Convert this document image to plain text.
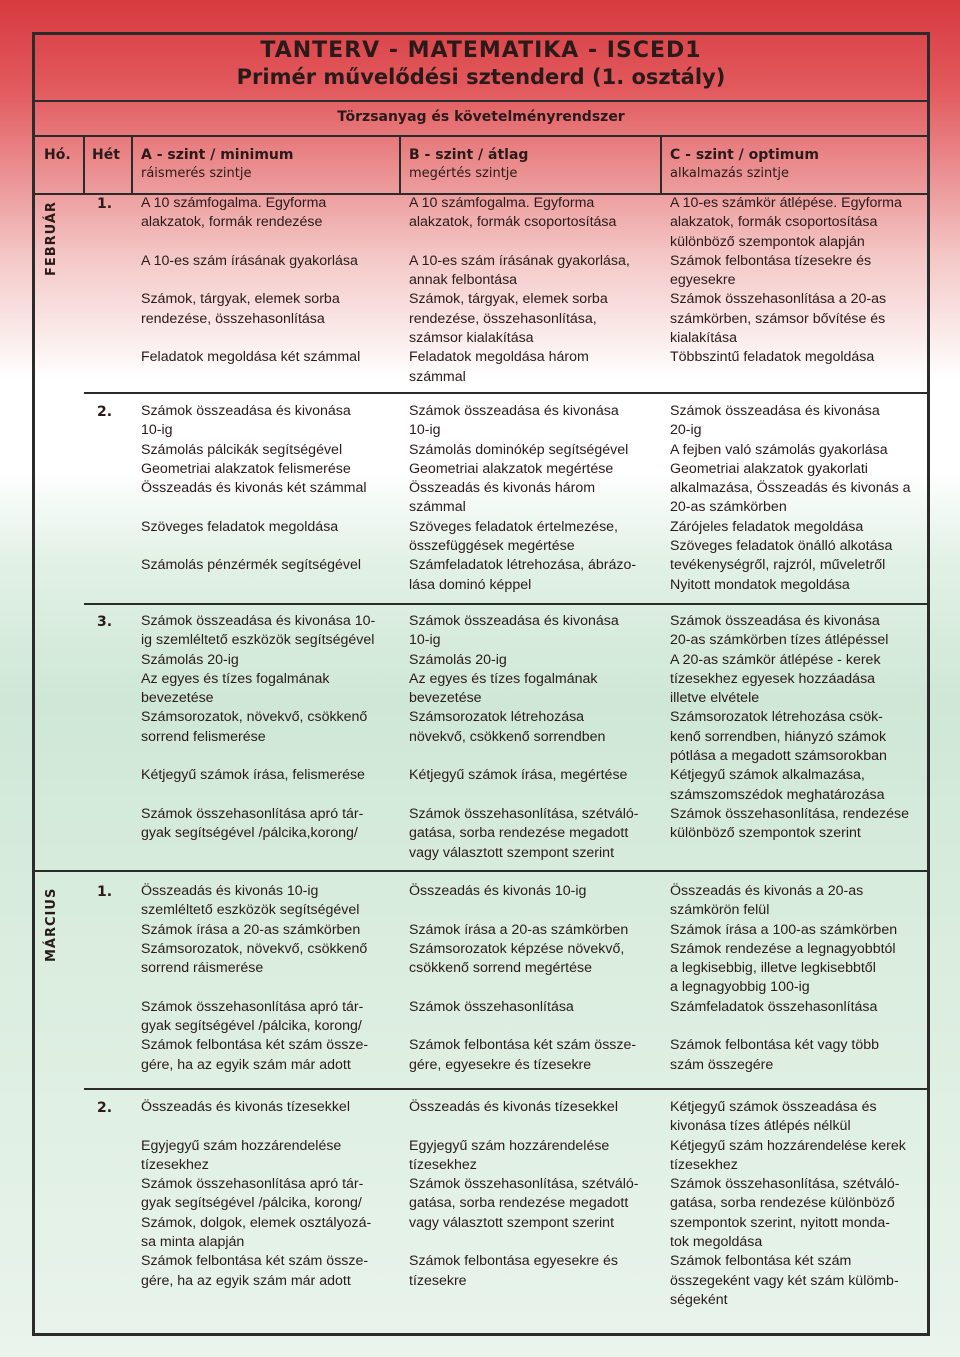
TANTERV - MATEMATIKA - ISCED1
Primér művelődési sztenderd (1. osztály)
Törzsanyag és követelményrendszer
Hó. Hét A - szint / minimum
ráismerés szintje
B - szint / átlag
megértés szintje
C - szint / optimum
alkalmazás szintje
FEBRUÁR
MÁRCIUS
1. A 10 számfogalma. Egyforma
alakzatok, formák rendezése

A 10-es szám írásának gyakorlása

Számok, tárgyak, elemek sorba
rendezése, összehasonlítása

Feladatok megoldása két számmal
A 10 számfogalma. Egyforma
alakzatok, formák csoportosítása

A 10-es szám írásának gyakorlása,
annak felbontása
Számok, tárgyak, elemek sorba
rendezése, összehasonlítása,
számsor kialakítása
Feladatok megoldása három
számmal
A 10-es számkör átlépése. Egyforma
alakzatok, formák csoportosítása
különböző szempontok alapján
Számok felbontása tízesekre és
egyesekre
Számok összehasonlítása a 20-as
számkörben, számsor bővítése és
kialakítása
Többszintű feladatok megoldása
2. Számok összeadása és kivonása
10-ig
Számolás pálcikák segítségével
Geometriai alakzatok felismerése
Összeadás és kivonás két számmal

Szöveges feladatok megoldása

Számolás pénzérmék segítségével
Számok összeadása és kivonása
10-ig
Számolás dominókép segítségével
Geometriai alakzatok megértése
Összeadás és kivonás három
számmal
Szöveges feladatok értelmezése,
összefüggések megértése
Számfeladatok létrehozása, ábrázo-
lása dominó képpel
Számok összeadása és kivonása
20-ig
A fejben való számolás gyakorlása
Geometriai alakzatok gyakorlati
alkalmazása, Összeadás és kivonás a
20-as számkörben
Zárójeles feladatok megoldása
Szöveges feladatok önálló alkotása
tevékenységről, rajzról, műveletről
Nyitott mondatok megoldása
3. Számok összeadása és kivonása 10-
ig szemléltető eszközök segítségével
Számolás 20-ig
Az egyes és tízes fogalmának
bevezetése
Számsorozatok, növekvő, csökkenő
sorrend felismerése

Kétjegyű számok írása, felismerése

Számok összehasonlítása apró tár-
gyak segítségével /pálcika,korong/
Számok összeadása és kivonása
10-ig
Számolás 20-ig
Az egyes és tízes fogalmának
bevezetése
Számsorozatok létrehozása
növekvő, csökkenő sorrendben

Kétjegyű számok írása, megértése

Számok összehasonlítása, szétváló-
gatása, sorba rendezése megadott
vagy választott szempont szerint
Számok összeadása és kivonása
20-as számkörben tízes átlépéssel
A 20-as számkör átlépése - kerek
tízesekhez egyesek hozzáadása
illetve elvétele
Számsorozatok létrehozása csök-
kenő sorrendben, hiányzó számok
pótlása a megadott számsorokban
Kétjegyű számok alkalmazása,
számszomszédok meghatározása
Számok összehasonlítása, rendezése
különböző szempontok szerint
1. Összeadás és kivonás 10-ig
szemléltető eszközök segítségével
Számok írása a 20-as számkörben
Számsorozatok, növekvő, csökkenő
sorrend ráismerése

Számok összehasonlítása apró tár-
gyak segítségével /pálcika, korong/
Számok felbontása két szám össze-
gére, ha az egyik szám már adott
Összeadás és kivonás 10-ig

Számok írása a 20-as számkörben
Számsorozatok képzése növekvő,
csökkenő sorrend megértése

Számok összehasonlítása

Számok felbontása két szám össze-
gére, egyesekre és tízesekre
Összeadás és kivonás a 20-as
számkörön felül
Számok írása a 100-as számkörben
Számok rendezése a legnagyobbtól
a legkisebbig, illetve legkisebbtől
a legnagyobbig 100-ig
Számfeladatok összehasonlítása

Számok felbontása két vagy több
szám összegére
2. Összeadás és kivonás tízesekkel

Egyjegyű szám hozzárendelése
tízesekhez
Számok összehasonlítása apró tár-
gyak segítségével /pálcika, korong/
Számok, dolgok, elemek osztályozá-
sa minta alapján
Számok felbontása két szám össze-
gére, ha az egyik szám már adott
Összeadás és kivonás tízesekkel

Egyjegyű szám hozzárendelése
tízesekhez
Számok összehasonlítása, szétváló-
gatása, sorba rendezése megadott
vagy választott szempont szerint

Számok felbontása egyesekre és
tízesekre
Kétjegyű számok összeadása és
kivonása tízes átlépés nélkül
Kétjegyű szám hozzárendelése kerek
tízesekhez
Számok összehasonlítása, szétváló-
gatása, sorba rendezése különböző
szempontok szerint, nyitott monda-
tok megoldása
Számok felbontása két szám
összegeként vagy két szám külömb-
ségeként
